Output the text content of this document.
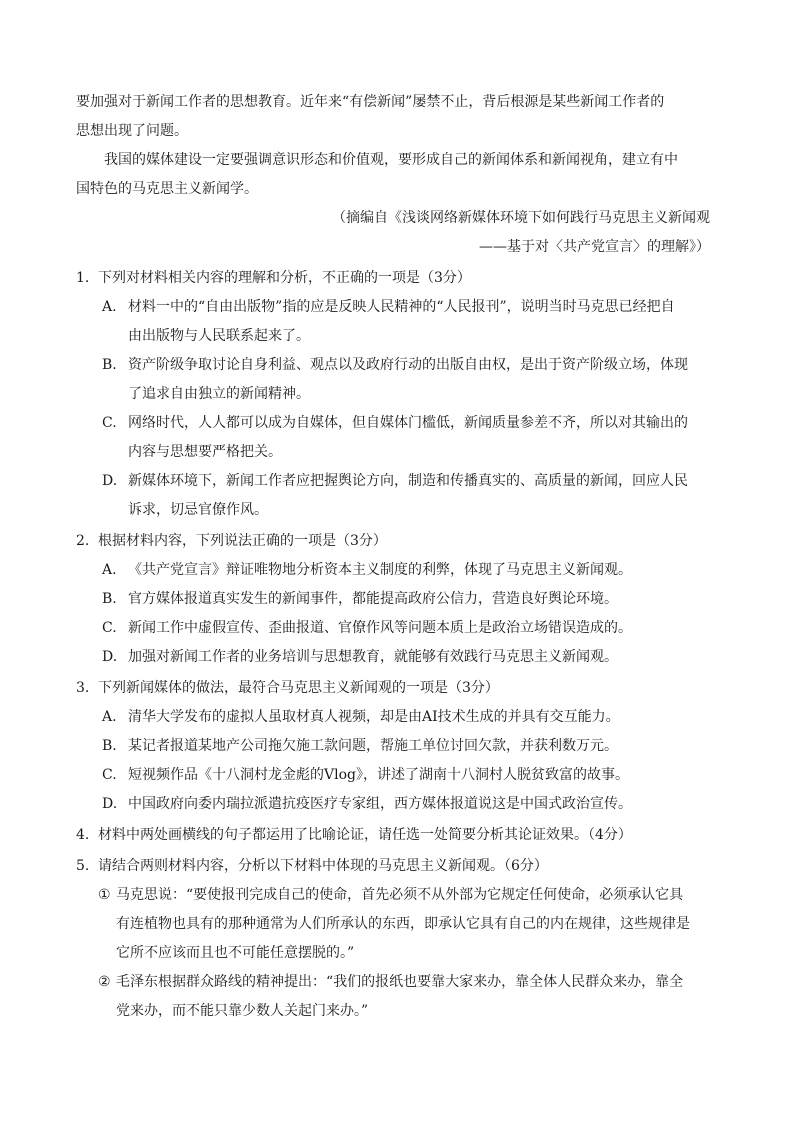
要加强对于新闻工作者的思想教育。近年来“有偿新闻”屡禁不止，背后根源是某些新闻工作者的

思想出现了问题。

我国的媒体建设一定要强调意识形态和价值观，要形成自己的新闻体系和新闻视角，建立有中

国特色的马克思主义新闻学。

（摘编自《浅谈网络新媒体环境下如何践行马克思主义新闻观

——基于对〈共产党宣言〉的理解》）

1. 下列对材料相关内容的理解和分析，不正确的一项是（3分）
A. 材料一中的“自由出版物”指的应是反映人民精神的“人民报刊”，说明当时马克思已经把自

由出版物与人民联系起来了。

B. 资产阶级争取讨论自身利益、观点以及政府行动的出版自由权，是出于资产阶级立场，体现

了追求自由独立的新闻精神。

C. 网络时代，人人都可以成为自媒体，但自媒体门槛低，新闻质量参差不齐，所以对其输出的

内容与思想要严格把关。

D. 新媒体环境下，新闻工作者应把握舆论方向，制造和传播真实的、高质量的新闻，回应人民

诉求，切忌官僚作风。

2. 根据材料内容，下列说法正确的一项是（3分）
A. 《共产党宣言》辩证唯物地分析资本主义制度的利弊，体现了马克思主义新闻观。

B. 官方媒体报道真实发生的新闻事件，都能提高政府公信力，营造良好舆论环境。

C. 新闻工作中虚假宣传、歪曲报道、官僚作风等问题本质上是政治立场错误造成的。

D. 加强对新闻工作者的业务培训与思想教育，就能够有效践行马克思主义新闻观。

3. 下列新闻媒体的做法，最符合马克思主义新闻观的一项是（3分）
A. 清华大学发布的虚拟人虽取材真人视频，却是由AI技术生成的并具有交互能力。

B. 某记者报道某地产公司拖欠施工款问题，帮施工单位讨回欠款，并获利数万元。

C. 短视频作品《十八洞村龙金彪的Vlog》，讲述了湖南十八洞村人脱贫致富的故事。

D. 中国政府向委内瑞拉派遣抗疫医疗专家组，西方媒体报道说这是中国式政治宣传。

4. 材料中两处画横线的句子都运用了比喻论证，请任选一处简要分析其论证效果。（4分）
5. 请结合两则材料内容，分析以下材料中体现的马克思主义新闻观。（6分）
① 马克思说：“要使报刊完成自己的使命，首先必须不从外部为它规定任何使命，必须承认它具

有连植物也具有的那种通常为人们所承认的东西，即承认它具有自己的内在规律，这些规律是

它所不应该而且也不可能任意摆脱的。”

② 毛泽东根据群众路线的精神提出：“我们的报纸也要靠大家来办，靠全体人民群众来办，靠全

党来办，而不能只靠少数人关起门来办。”
